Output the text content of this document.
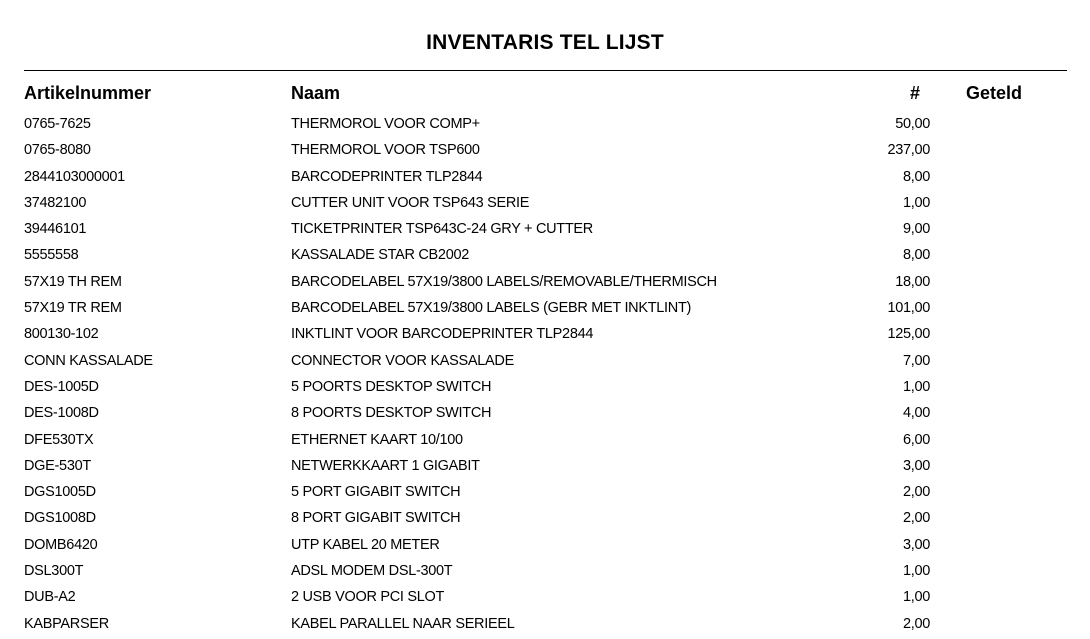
INVENTARIS TEL LIJST
Artikelnummer	Naam	#	Geteld
0765-7625	THERMOROL VOOR COMP+	50,00
0765-8080	THERMOROL VOOR TSP600	237,00
2844103000001	BARCODEPRINTER TLP2844	8,00
37482100	CUTTER UNIT VOOR TSP643 SERIE	1,00
39446101	TICKETPRINTER TSP643C-24 GRY + CUTTER	9,00
5555558	KASSALADE STAR CB2002	8,00
57X19 TH REM	BARCODELABEL 57X19/3800 LABELS/REMOVABLE/THERMISCH	18,00
57X19 TR REM	BARCODELABEL 57X19/3800 LABELS (GEBR MET INKTLINT)	101,00
800130-102	INKTLINT VOOR BARCODEPRINTER TLP2844	125,00
CONN KASSALADE	CONNECTOR VOOR KASSALADE	7,00
DES-1005D	5 POORTS DESKTOP SWITCH	1,00
DES-1008D	8 POORTS DESKTOP SWITCH	4,00
DFE530TX	ETHERNET KAART 10/100	6,00
DGE-530T	NETWERKKAART 1 GIGABIT	3,00
DGS1005D	5 PORT GIGABIT SWITCH	2,00
DGS1008D	8 PORT GIGABIT SWITCH	2,00
DOMB6420	UTP KABEL 20 METER	3,00
DSL300T	ADSL MODEM DSL-300T	1,00
DUB-A2	2 USB VOOR PCI SLOT	1,00
KABPARSER	KABEL PARALLEL NAAR SERIEEL	2,00
